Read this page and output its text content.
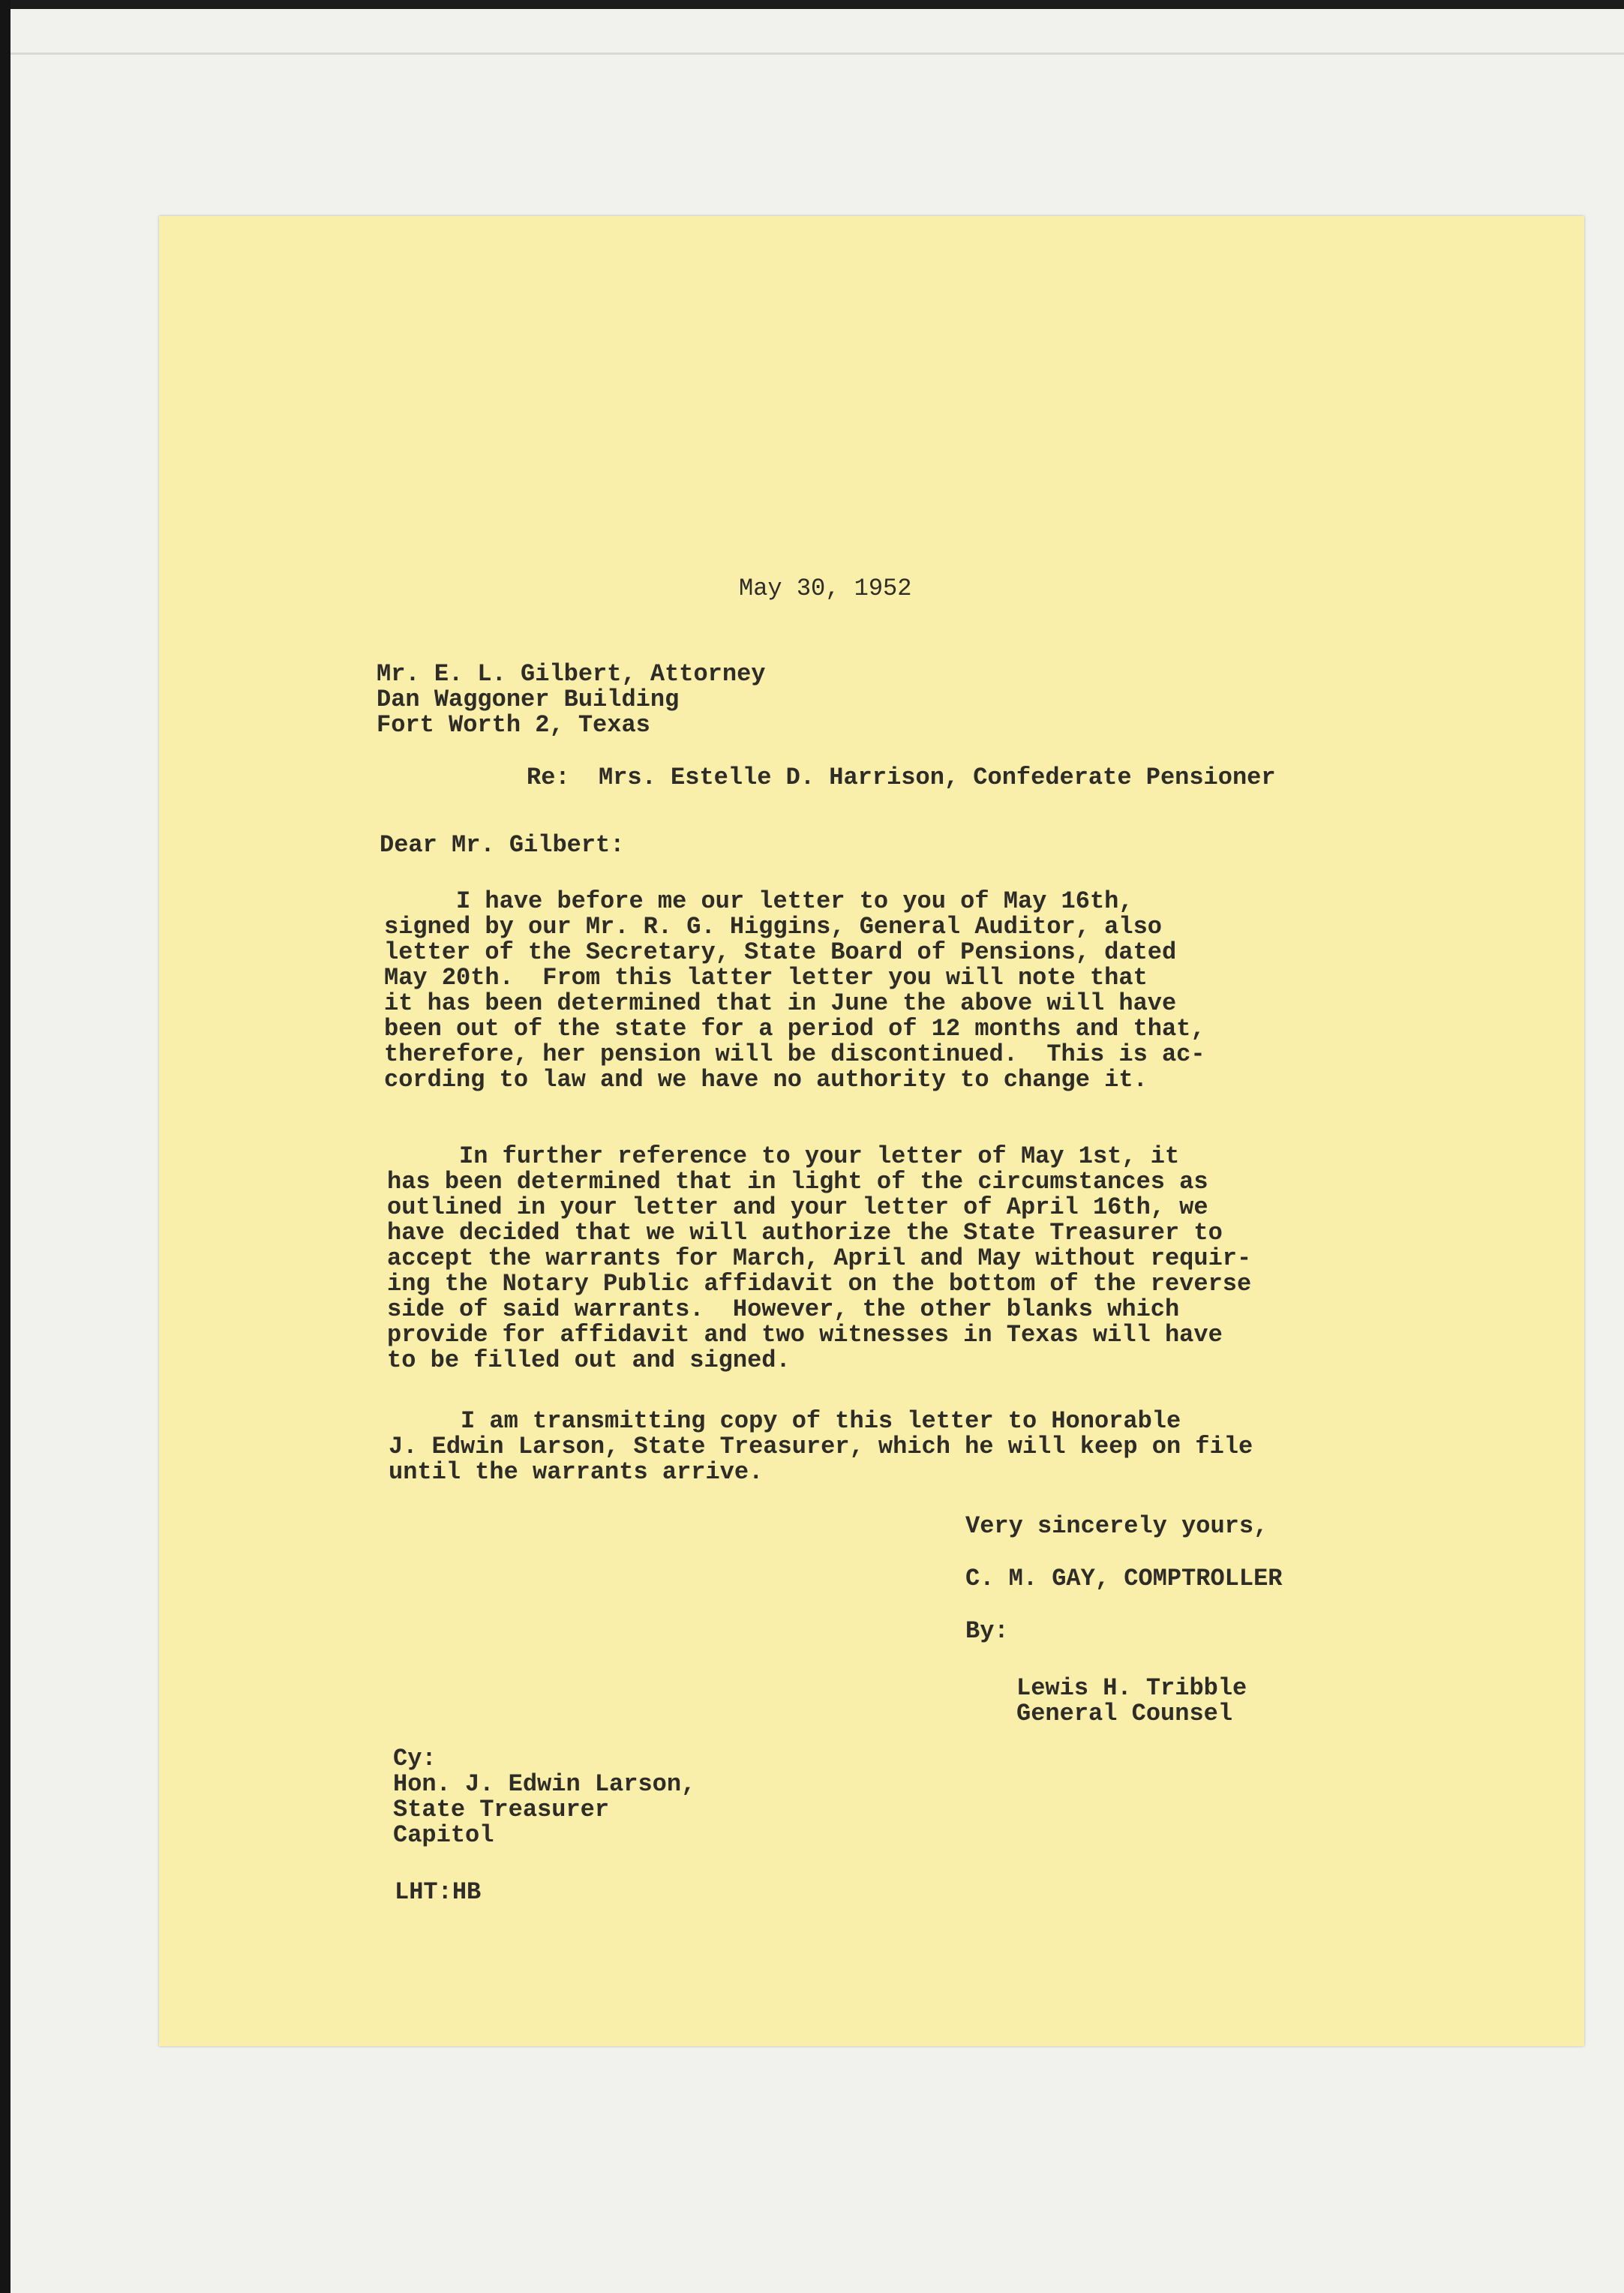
May 30, 1952
Mr. E. L. Gilbert, Attorney
Dan Waggoner Building
Fort Worth 2, Texas
Re:  Mrs. Estelle D. Harrison, Confederate Pensioner
Dear Mr. Gilbert:
I have before me our letter to you of May 16th,
signed by our Mr. R. G. Higgins, General Auditor, also
letter of the Secretary, State Board of Pensions, dated
May 20th.  From this latter letter you will note that
it has been determined that in June the above will have
been out of the state for a period of 12 months and that,
therefore, her pension will be discontinued.  This is ac-
cording to law and we have no authority to change it.
In further reference to your letter of May 1st, it
has been determined that in light of the circumstances as
outlined in your letter and your letter of April 16th, we
have decided that we will authorize the State Treasurer to
accept the warrants for March, April and May without requir-
ing the Notary Public affidavit on the bottom of the reverse
side of said warrants.  However, the other blanks which
provide for affidavit and two witnesses in Texas will have
to be filled out and signed.
I am transmitting copy of this letter to Honorable
J. Edwin Larson, State Treasurer, which he will keep on file
until the warrants arrive.
Very sincerely yours,
C. M. GAY, COMPTROLLER
By:
Lewis H. Tribble
General Counsel
Cy:
Hon. J. Edwin Larson,
State Treasurer
Capitol
LHT:HB
